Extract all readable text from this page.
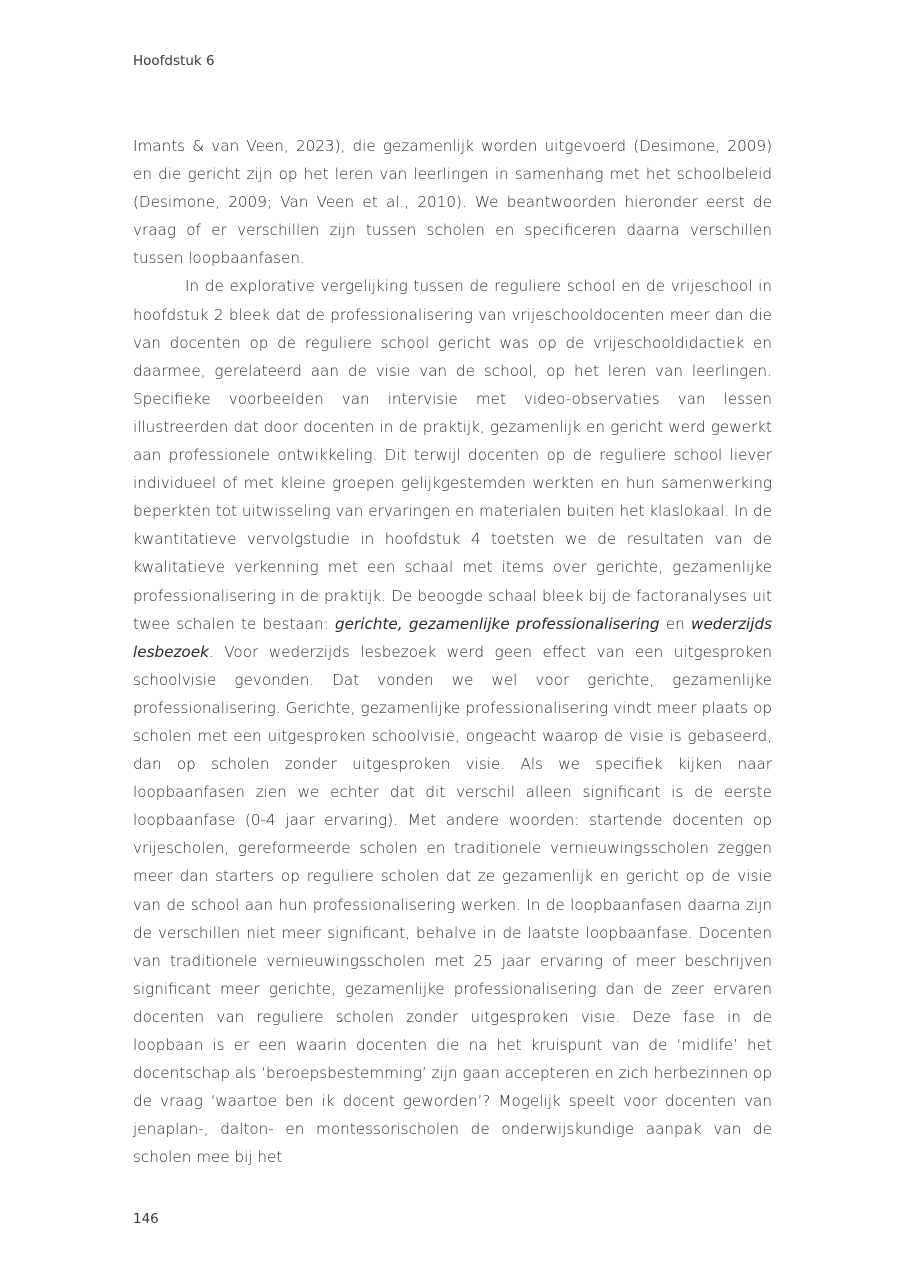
Hoofdstuk 6

Imants & van Veen, 2023), die gezamenlijk worden uitgevoerd (Desimone, 2009) en die gericht zijn op het leren van leerlingen in samenhang met het schoolbeleid (Desimone, 2009; Van Veen et al., 2010). We beantwoorden hieronder eerst de vraag of er verschillen zijn tussen scholen en specificeren daarna verschillen tussen loopbaanfasen.

In de explorative vergelijking tussen de reguliere school en de vrijeschool in hoofdstuk 2 bleek dat de professionalisering van vrijeschooldocenten meer dan die van docenten op de reguliere school gericht was op de vrijeschooldidactiek en daarmee, gerelateerd aan de visie van de school, op het leren van leerlingen. Specifieke voorbeelden van intervisie met video-observaties van lessen illustreerden dat door docenten in de praktijk, gezamenlijk en gericht werd gewerkt aan professionele ontwikkeling. Dit terwijl docenten op de reguliere school liever individueel of met kleine groepen gelijkgestemden werkten en hun samenwerking beperkten tot uitwisseling van ervaringen en materialen buiten het klaslokaal. In de kwantitatieve vervolgstudie in hoofdstuk 4 toetsten we de resultaten van de kwalitatieve verkenning met een schaal met items over gerichte, gezamenlijke professionalisering in de praktijk. De beoogde schaal bleek bij de factoranalyses uit twee schalen te bestaan: gerichte, gezamenlijke professionalisering en wederzijds lesbezoek. Voor wederzijds lesbezoek werd geen effect van een uitgesproken schoolvisie gevonden. Dat vonden we wel voor gerichte, gezamenlijke professionalisering. Gerichte, gezamenlijke professionalisering vindt meer plaats op scholen met een uitgesproken schoolvisie, ongeacht waarop de visie is gebaseerd, dan op scholen zonder uitgesproken visie. Als we specifiek kijken naar loopbaanfasen zien we echter dat dit verschil alleen significant is de eerste loopbaanfase (0-4 jaar ervaring). Met andere woorden: startende docenten op vrijescholen, gereformeerde scholen en traditionele vernieuwingsscholen zeggen meer dan starters op reguliere scholen dat ze gezamenlijk en gericht op de visie van de school aan hun professionalisering werken. In de loopbaanfasen daarna zijn de verschillen niet meer significant, behalve in de laatste loopbaanfase. Docenten van traditionele vernieuwingsscholen met 25 jaar ervaring of meer beschrijven significant meer gerichte, gezamenlijke professionalisering dan de zeer ervaren docenten van reguliere scholen zonder uitgesproken visie. Deze fase in de loopbaan is er een waarin docenten die na het kruispunt van de ‘midlife’ het docentschap als ‘beroepsbestemming’ zijn gaan accepteren en zich herbezinnen op de vraag ‘waartoe ben ik docent geworden’? Mogelijk speelt voor docenten van jenaplan-, dalton- en montessorischolen de onderwijskundige aanpak van de scholen mee bij het

146
